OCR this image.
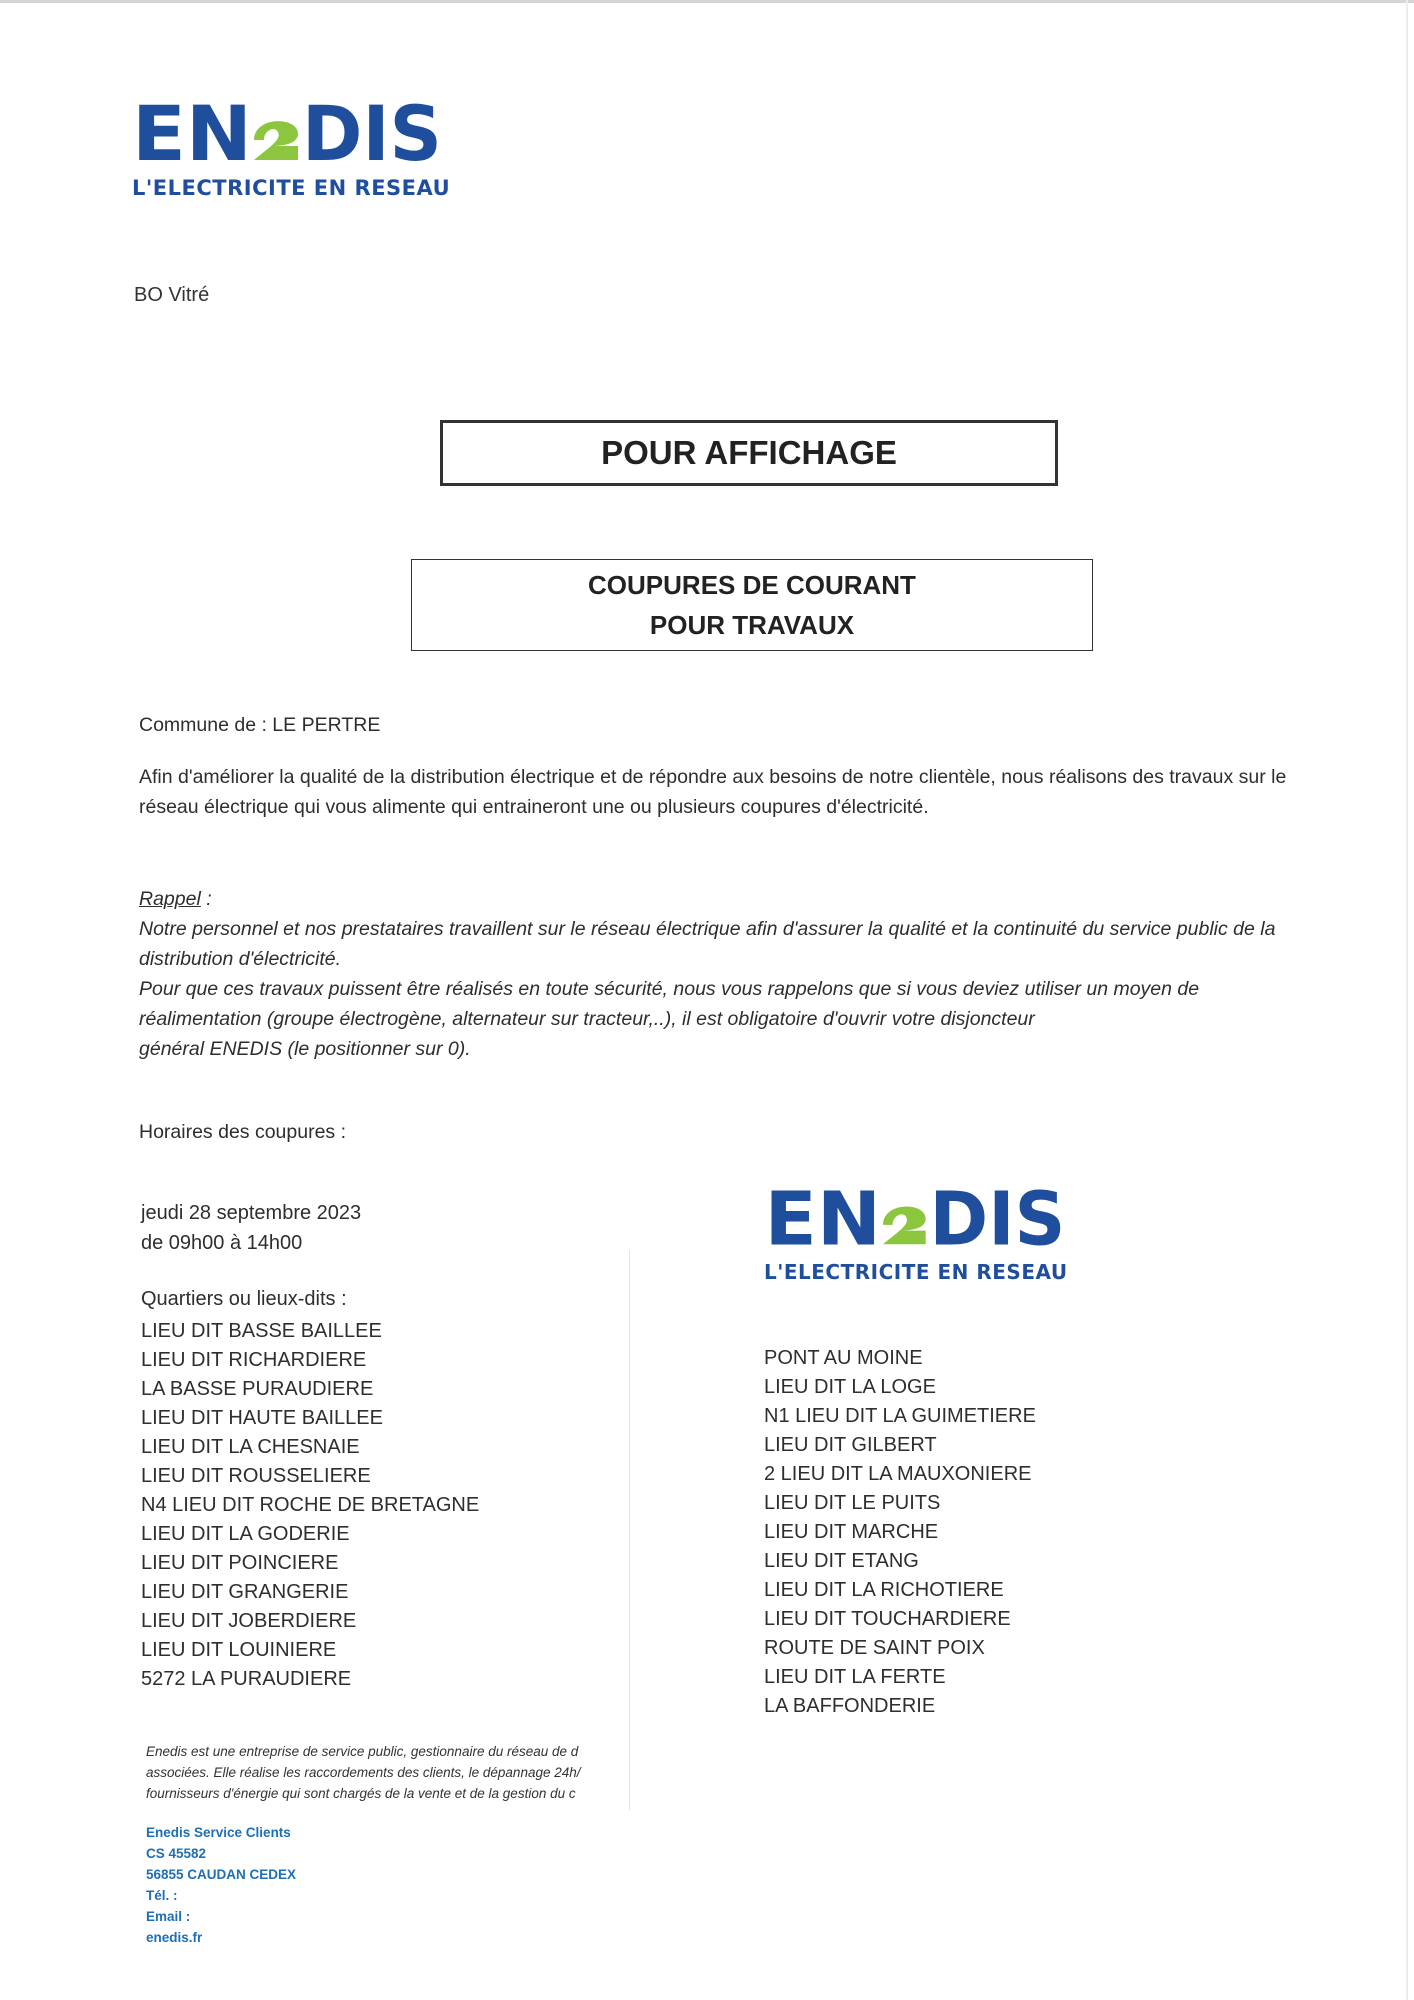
EN DIS
L'ELECTRICITE EN RESEAU
BO Vitré
POUR AFFICHAGE
COUPURES DE COURANT
POUR TRAVAUX
Commune de : LE PERTRE
Afin d'améliorer la qualité de la distribution électrique et de répondre aux besoins de notre clientèle, nous réalisons des travaux sur le réseau électrique qui vous alimente qui entraineront une ou plusieurs coupures d'électricité.
Rappel :
Notre personnel et nos prestataires travaillent sur le réseau électrique afin d'assurer la qualité et la continuité du service public de la distribution d'électricité.
Pour que ces travaux puissent être réalisés en toute sécurité, nous vous rappelons que si vous deviez utiliser un moyen de réalimentation (groupe électrogène, alternateur sur tracteur,..), il est obligatoire d'ouvrir votre disjoncteur
général ENEDIS (le positionner sur 0).
Horaires des coupures :
jeudi 28 septembre 2023
de 09h00 à 14h00
Quartiers ou lieux-dits :
LIEU DIT BASSE BAILLEE
LIEU DIT RICHARDIERE
LA BASSE PURAUDIERE
LIEU DIT HAUTE BAILLEE
LIEU DIT LA CHESNAIE
LIEU DIT ROUSSELIERE
N4 LIEU DIT ROCHE DE BRETAGNE
LIEU DIT LA GODERIE
LIEU DIT POINCIERE
LIEU DIT GRANGERIE
LIEU DIT JOBERDIERE
LIEU DIT LOUINIERE
5272 LA PURAUDIERE
EN DIS
L'ELECTRICITE EN RESEAU
PONT AU MOINE
LIEU DIT LA LOGE
N1 LIEU DIT LA GUIMETIERE
LIEU DIT GILBERT
2 LIEU DIT LA MAUXONIERE
LIEU DIT LE PUITS
LIEU DIT MARCHE
LIEU DIT ETANG
LIEU DIT LA RICHOTIERE
LIEU DIT TOUCHARDIERE
ROUTE DE SAINT POIX
LIEU DIT LA FERTE
LA BAFFONDERIE
Enedis est une entreprise de service public, gestionnaire du réseau de d
associées. Elle réalise les raccordements des clients, le dépannage 24h/
fournisseurs d'énergie qui sont chargés de la vente et de la gestion du c
Enedis Service Clients
CS 45582
56855 CAUDAN CEDEX
Tél. :
Email :
enedis.fr
